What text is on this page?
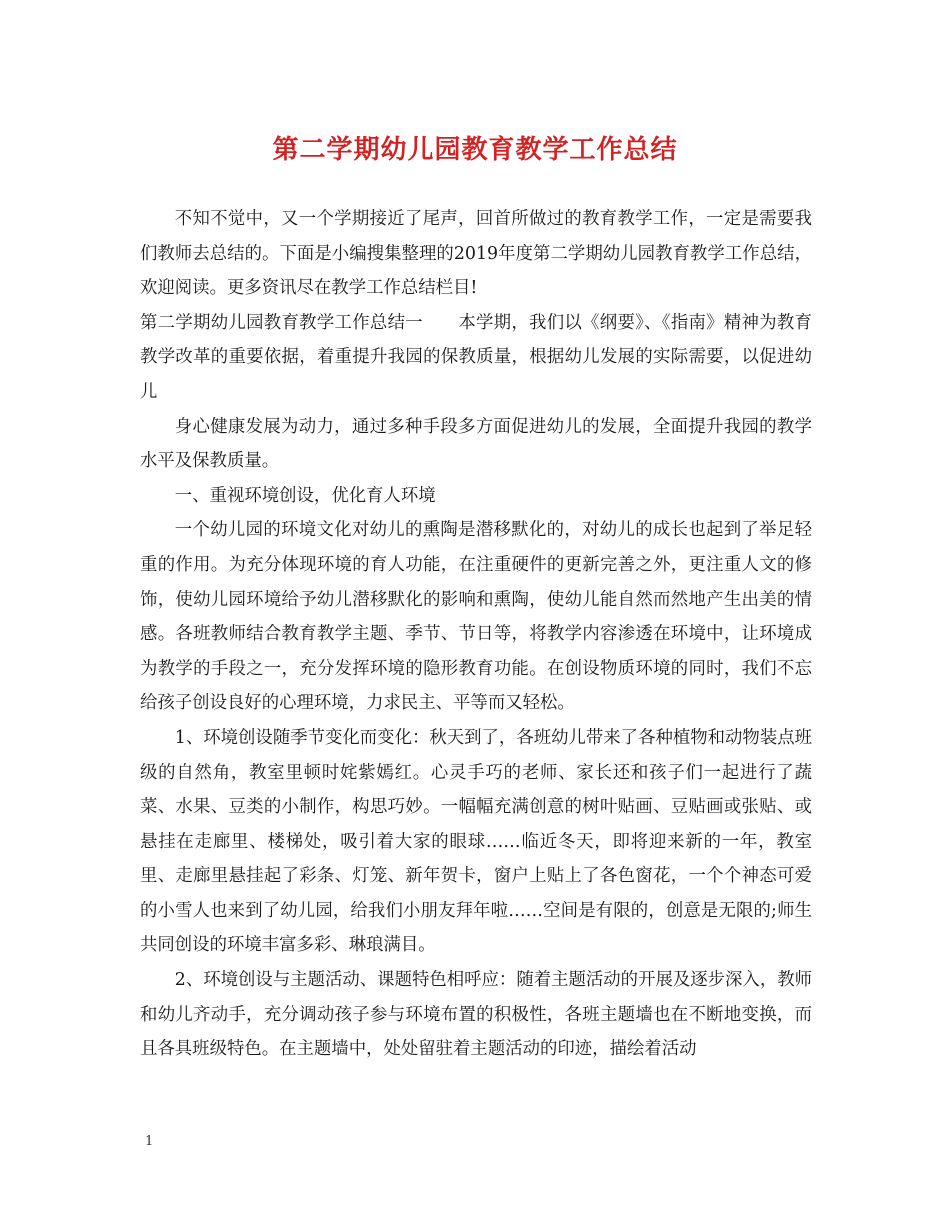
第二学期幼儿园教育教学工作总结

不知不觉中，又一个学期接近了尾声，回首所做过的教育教学工作，一定是需要我们教师去总结的。下面是小编搜集整理的2019年度第二学期幼儿园教育教学工作总结，欢迎阅读。更多资讯尽在教学工作总结栏目!

第二学期幼儿园教育教学工作总结一　　本学期，我们以《纲要》、《指南》精神为教育教学改革的重要依据，着重提升我园的保教质量，根据幼儿发展的实际需要，以促进幼儿

身心健康发展为动力，通过多种手段多方面促进幼儿的发展，全面提升我园的教学水平及保教质量。

一、重视环境创设，优化育人环境

一个幼儿园的环境文化对幼儿的熏陶是潜移默化的，对幼儿的成长也起到了举足轻重的作用。为充分体现环境的育人功能，在注重硬件的更新完善之外，更注重人文的修饰，使幼儿园环境给予幼儿潜移默化的影响和熏陶，使幼儿能自然而然地产生出美的情感。各班教师结合教育教学主题、季节、节日等，将教学内容渗透在环境中，让环境成为教学的手段之一，充分发挥环境的隐形教育功能。在创设物质环境的同时，我们不忘给孩子创设良好的心理环境，力求民主、平等而又轻松。

1、环境创设随季节变化而变化：秋天到了，各班幼儿带来了各种植物和动物装点班级的自然角，教室里顿时姹紫嫣红。心灵手巧的老师、家长还和孩子们一起进行了蔬菜、水果、豆类的小制作，构思巧妙。一幅幅充满创意的树叶贴画、豆贴画或张贴、或悬挂在走廊里、楼梯处，吸引着大家的眼球……临近冬天，即将迎来新的一年，教室里、走廊里悬挂起了彩条、灯笼、新年贺卡，窗户上贴上了各色窗花，一个个神态可爱的小雪人也来到了幼儿园，给我们小朋友拜年啦……空间是有限的，创意是无限的;师生共同创设的环境丰富多彩、琳琅满目。

2、环境创设与主题活动、课题特色相呼应：随着主题活动的开展及逐步深入，教师和幼儿齐动手，充分调动孩子参与环境布置的积极性，各班主题墙也在不断地变换，而且各具班级特色。在主题墙中，处处留驻着主题活动的印迹，描绘着活动

1
